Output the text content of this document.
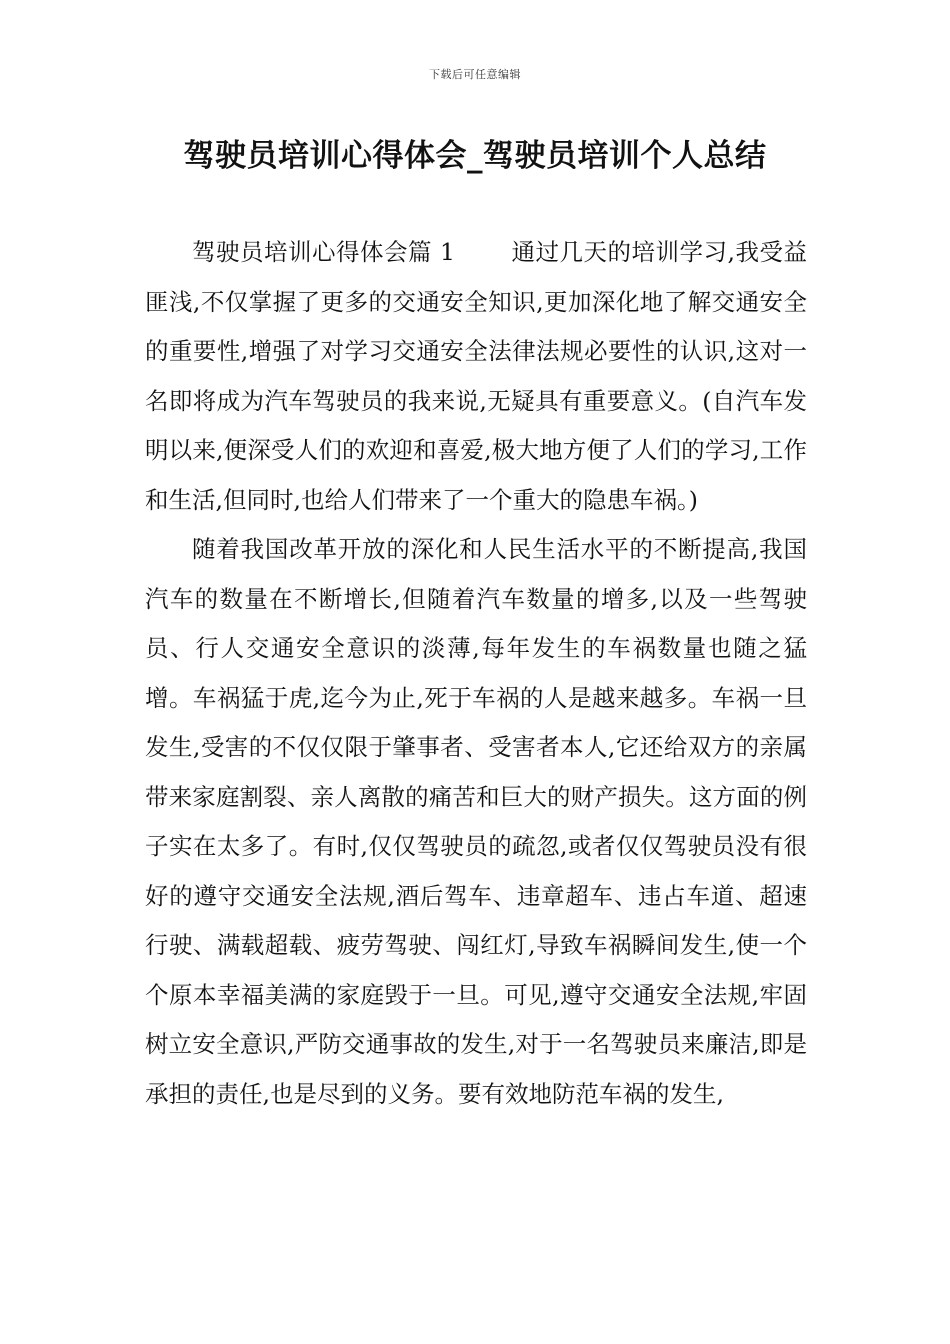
下载后可任意编辑
驾驶员培训心得体会_驾驶员培训个人总结

驾驶员培训心得体会篇 1 通过几天的培训学习,我受益匪浅,不仅掌握了更多的交通安全知识,更加深化地了解交通安全的重要性,增强了对学习交通安全法律法规必要性的认识,这对一名即将成为汽车驾驶员的我来说,无疑具有重要意义。(自汽车发明以来,便深受人们的欢迎和喜爱,极大地方便了人们的学习,工作和生活,但同时,也给人们带来了一个重大的隐患车祸。)

随着我国改革开放的深化和人民生活水平的不断提高,我国汽车的数量在不断增长,但随着汽车数量的增多,以及一些驾驶员、行人交通安全意识的淡薄,每年发生的车祸数量也随之猛增。车祸猛于虎,迄今为止,死于车祸的人是越来越多。车祸一旦发生,受害的不仅仅限于肇事者、受害者本人,它还给双方的亲属带来家庭割裂、亲人离散的痛苦和巨大的财产损失。这方面的例子实在太多了。有时,仅仅驾驶员的疏忽,或者仅仅驾驶员没有很好的遵守交通安全法规,酒后驾车、违章超车、违占车道、超速行驶、满载超载、疲劳驾驶、闯红灯,导致车祸瞬间发生,使一个个原本幸福美满的家庭毁于一旦。可见,遵守交通安全法规,牢固树立安全意识,严防交通事故的发生,对于一名驾驶员来廉洁,即是承担的责任,也是尽到的义务。要有效地防范车祸的发生,
